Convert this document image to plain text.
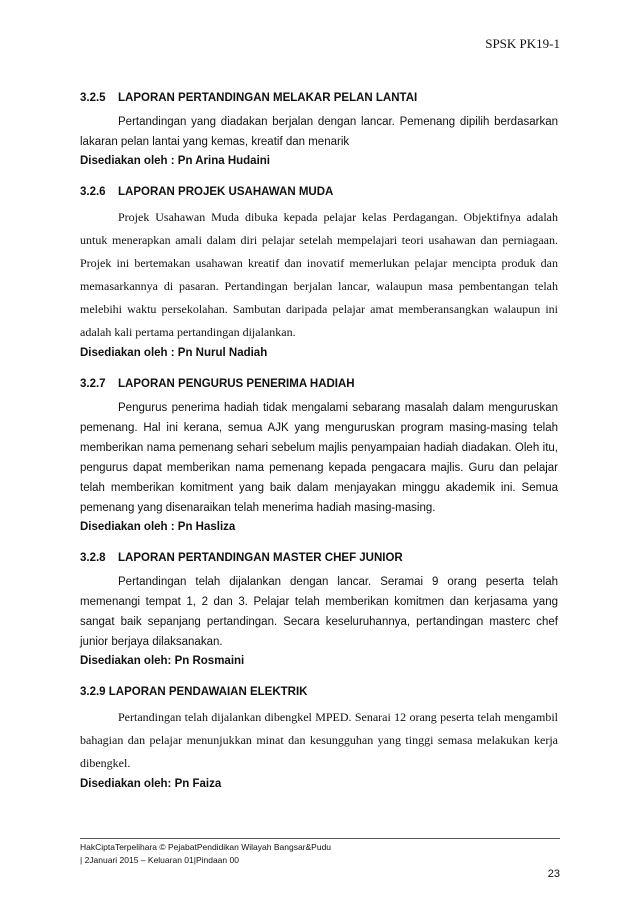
SPSK PK19-1

3.2.5 LAPORAN PERTANDINGAN MELAKAR PELAN LANTAI

Pertandingan yang diadakan berjalan dengan lancar. Pemenang dipilih berdasarkan lakaran pelan lantai yang kemas, kreatif dan menarik

Disediakan oleh : Pn Arina Hudaini

3.2.6 LAPORAN PROJEK USAHAWAN MUDA

Projek Usahawan Muda dibuka kepada pelajar kelas Perdagangan. Objektifnya adalah untuk menerapkan amali dalam diri pelajar setelah mempelajari teori usahawan dan perniagaan. Projek ini bertemakan usahawan kreatif dan inovatif memerlukan pelajar mencipta produk dan memasarkannya di pasaran. Pertandingan berjalan lancar, walaupun masa pembentangan telah melebihi waktu persekolahan. Sambutan daripada pelajar amat memberansangkan walaupun ini adalah kali pertama pertandingan dijalankan.

Disediakan oleh : Pn Nurul Nadiah

3.2.7 LAPORAN PENGURUS PENERIMA HADIAH

Pengurus penerima hadiah tidak mengalami sebarang masalah dalam menguruskan pemenang. Hal ini kerana, semua AJK yang menguruskan program masing-masing telah memberikan nama pemenang sehari sebelum majlis penyampaian hadiah diadakan. Oleh itu, pengurus dapat memberikan nama pemenang kepada pengacara majlis. Guru dan pelajar telah memberikan komitment yang baik dalam menjayakan minggu akademik ini. Semua pemenang yang disenaraikan telah menerima hadiah masing-masing.

Disediakan oleh : Pn Hasliza

3.2.8 LAPORAN PERTANDINGAN MASTER CHEF JUNIOR

Pertandingan telah dijalankan dengan lancar. Seramai 9 orang peserta telah memenangi tempat 1, 2 dan 3. Pelajar telah memberikan komitmen dan kerjasama yang sangat baik sepanjang pertandingan. Secara keseluruhannya, pertandingan masterc chef junior berjaya dilaksanakan.

Disediakan oleh: Pn Rosmaini

3.2.9 LAPORAN PENDAWAIAN ELEKTRIK

Pertandingan telah dijalankan dibengkel MPED. Senarai 12 orang peserta telah mengambil bahagian dan pelajar menunjukkan minat dan kesungguhan yang tinggi semasa melakukan kerja dibengkel.

Disediakan oleh: Pn Faiza

HakCiptaTerpelihara © PejabatPendidikan Wilayah Bangsar&Pudu
| 2Januari 2015 – Keluaran 01|Pindaan 00
23
